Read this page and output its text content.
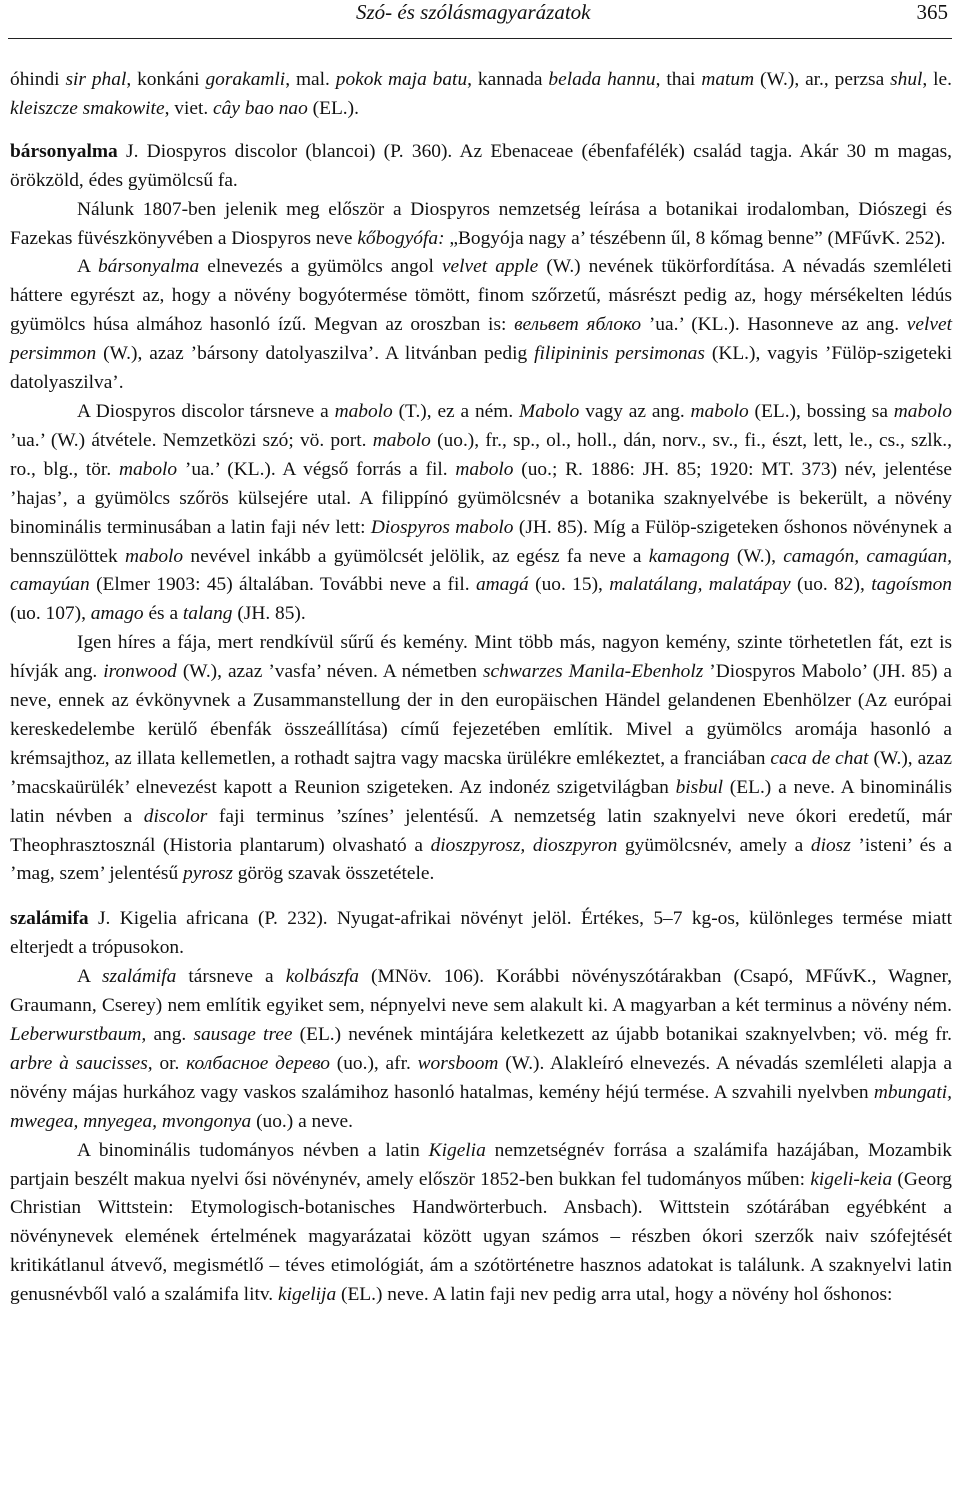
Szó- és szólásmagyarázatok	365

óhindi sir phal, konkáni gorakamli, mal. pokok maja batu, kannada belada hannu, thai matum (W.), ar., perzsa shul, le. kleiszcze smakowite, viet. cây bao nao (EL.).

bársonyalma J. Diospyros discolor (blancoi) (P. 360). Az Ebenaceae (ébenfafélék) család tagja. Akár 30 m magas, örökzöld, édes gyümölcsű fa.

Nálunk 1807-ben jelenik meg először a Diospyros nemzetség leírása a botanikai irodalomban, Diószegi és Fazekas füvészkönyvében a Diospyros neve kőbogyófa: „Bogyója nagy a’ tészébenn űl, 8 kőmag benne” (MFűvK. 252).

A bársonyalma elnevezés a gyümölcs angol velvet apple (W.) nevének tükörfordítása. A névadás szemléleti háttere egyrészt az, hogy a növény bogyótermése tömött, finom szőrzetű, másrészt pedig az, hogy mérsékelten lédús gyümölcs húsa almához hasonló ízű. Megvan az oroszban is: вельвет яблоко ’ua.’ (KL.). Hasonneve az ang. velvet persimmon (W.), azaz ’bársony datolyaszilva’. A litvánban pedig filipininis persimonas (KL.), vagyis ’Fülöp-szigeteki datolyaszilva’.

A Diospyros discolor társneve a mabolo (T.), ez a ném. Mabolo vagy az ang. mabolo (EL.), bossing sa mabolo ’ua.’ (W.) átvétele. Nemzetközi szó; vö. port. mabolo (uo.), fr., sp., ol., holl., dán, norv., sv., fi., észt, lett, le., cs., szlk., ro., blg., tör. mabolo ’ua.’ (KL.). A végső forrás a fil. mabolo (uo.; R. 1886: JH. 85; 1920: MT. 373) név, jelentése ’hajas’, a gyümölcs szőrös külsejére utal. A filippínó gyümölcsnév a botanika szaknyelvébe is bekerült, a növény binominális terminusában a latin faji név lett: Diospyros mabolo (JH. 85). Míg a Fülöp-szigeteken őshonos növénynek a bennszülöttek mabolo nevével inkább a gyümölcsét jelölik, az egész fa neve a kamagong (W.), camagón, camagúan, camayúan (Elmer 1903: 45) általában. További neve a fil. amagá (uo. 15), malatálang, malatápay (uo. 82), tagoísmon (uo. 107), amago és a talang (JH. 85).

Igen híres a fája, mert rendkívül sűrű és kemény. Mint több más, nagyon kemény, szinte törhetetlen fát, ezt is hívják ang. ironwood (W.), azaz ’vasfa’ néven. A németben schwarzes Manila-Ebenholz ’Diospyros Mabolo’ (JH. 85) a neve, ennek az évkönyvnek a Zusammanstellung der in den europäischen Händel gelandenen Ebenhölzer (Az európai kereskedelembe kerülő ébenfák összeállítása) című fejezetében említik. Mivel a gyümölcs aromája hasonló a krémsajthoz, az illata kellemetlen, a rothadt sajtra vagy macska ürülékre emlékeztet, a franciában caca de chat (W.), azaz ’macskaürülék’ elnevezést kapott a Reunion szigeteken. Az indonéz szigetvilágban bisbul (EL.) a neve. A binominális latin névben a discolor faji terminus ’színes’ jelentésű. A nemzetség latin szaknyelvi neve ókori eredetű, már Theophrasztosznál (Historia plantarum) olvasható a dioszpyrosz, dioszpyron gyümölcsnév, amely a diosz ’isteni’ és a ’mag, szem’ jelentésű pyrosz görög szavak összetétele.

szalámifa J. Kigelia africana (P. 232). Nyugat-afrikai növényt jelöl. Értékes, 5–7 kg-os, különleges termése miatt elterjedt a trópusokon.

A szalámifa társneve a kolbászfa (MNöv. 106). Korábbi növényszótárakban (Csapó, MFűvK., Wagner, Graumann, Cserey) nem említik egyiket sem, népnyelvi neve sem alakult ki. A magyarban a két terminus a növény ném. Leberwurstbaum, ang. sausage tree (EL.) nevének mintájára keletkezett az újabb botanikai szaknyelvben; vö. még fr. arbre à saucisses, or. колбасное дерево (uo.), afr. worsboom (W.). Alakleíró elnevezés. A névadás szemléleti alapja a növény májas hurkához vagy vaskos szalámihoz hasonló hatalmas, kemény héjú termése. A szvahili nyelvben mbungati, mwegea, mnyegea, mvongonya (uo.) a neve.

A binominális tudományos névben a latin Kigelia nemzetségnév forrása a szalámifa hazájában, Mozambik partjain beszélt makua nyelvi ősi növénynév, amely először 1852-ben bukkan fel tudományos műben: kigeli-keia (Georg Christian Wittstein: Etymologisch-botanisches Handwörterbuch. Ansbach). Wittstein szótárában egyébként a növénynevek elemének értelmének magyarázatai között ugyan számos – részben ókori szerzők naiv szófejtését kritikátlanul átvevő, megismétlő – téves etimológiát, ám a szótörténetre hasznos adatokat is találunk. A szaknyelvi latin genusnévből való a szalámifa litv. kigelija (EL.) neve. A latin faji nev pedig arra utal, hogy a növény hol őshonos:
